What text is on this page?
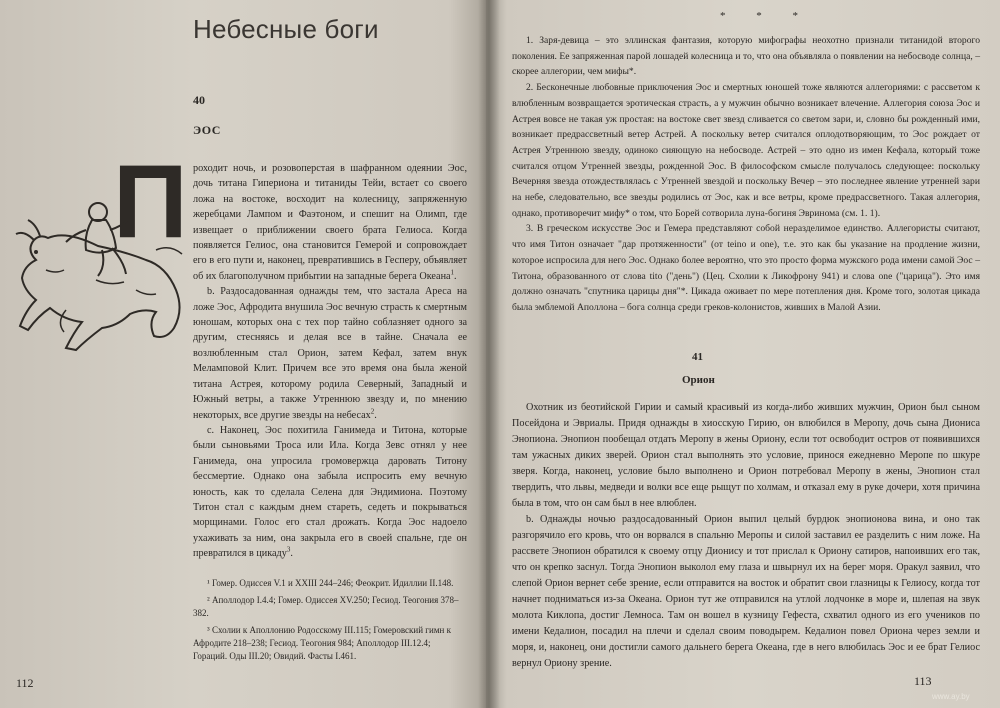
Небесные боги
40
ЭОС
П роходит ночь, и розовоперстая в шафранном одеянии Эос, дочь титана Гипериона и титаниды Тейи, встает со своего ложа на востоке, восходит на колесницу, запряженную жеребцами Лампом и Фаэтоном, и спешит на Олимп, где извещает о приближении своего брата Гелиоса. Когда появляется Гелиос, она становится Гемерой и сопровождает его в его пути и, наконец, превратившись в Гесперу, объявляет об их благополучном прибытии на западные берега Океана$^1$.

b. Раздосадованная однажды тем, что застала Ареса на ложе Эос, Афродита внушила Эос вечную страсть к смертным юношам, которых она с тех пор тайно соблазняет одного за другим, стесняясь и делая все в тайне. Сначала ее возлюбленным стал Орион, затем Кефал, затем внук Меламповой Клит. Причем все это время она была женой титана Астрея, которому родила Северный, Западный и Южный ветры, а также Утреннюю звезду и, по мнению некоторых, все другие звезды на небесах$^2$.

c. Наконец, Эос похитила Ганимеда и Титона, которые были сыновьями Троса или Ила. Когда Зевс отнял у нее Ганимеда, она упросила громовержца даровать Титону бессмертие. Однако она забыла испросить ему вечную юность, как то сделала Селена для Эндимиона. Поэтому Титон стал с каждым днем стареть, седеть и покрываться морщинами. Голос его стал дрожать. Когда Эос надоело ухаживать за ним, она закрыла его в своей спальне, где он превратился в цикаду$^3$.

¹ Гомер. Одиссея V.1 и XXIII 244–246; Феокрит. Идиллии II.148.

² Аполлодор I.4.4; Гомер. Одиссея XV.250; Гесиод. Теогония 378–382.

³ Схолии к Аполлонию Родосскому III.115; Гомеровский гимн к Афродите 218–238; Гесиод. Теогония 984; Аполлодор III.12.4; Гораций. Оды III.20; Овидий. Фасты I.461.

112
* * *

1. Заря-девица – это эллинская фантазия, которую мифографы неохотно признали титанидой второго поколения. Ее запряженная парой лошадей колесница и то, что она объявляла о появлении на небосводе солнца, – скорее аллегории, чем мифы*.

2. Бесконечные любовные приключения Эос и смертных юношей тоже являются аллегориями: с рассветом к влюбленным возвращается эротическая страсть, а у мужчин обычно возникает влечение. Аллегория союза Эос и Астрея вовсе не такая уж простая: на востоке свет звезд сливается со светом зари, и, словно бы рожденный ими, возникает предрассветный ветер Астрей. А поскольку ветер считался оплодотворяющим, то Эос рождает от Астрея Утреннюю звезду, одиноко сияющую на небосводе. Астрей – это одно из имен Кефала, который тоже считался отцом Утренней звезды, рожденной Эос. В философском смысле получалось следующее: поскольку Вечерняя звезда отождествлялась с Утренней звездой и поскольку Вечер – это последнее явление утренней зари на небе, следовательно, все звезды родились от Эос, как и все ветры, кроме предрассветного. Такая аллегория, однако, противоречит мифу* о том, что Борей сотворила луна-богиня Эвринома (см. 1. 1).

3. В греческом искусстве Эос и Гемера представляют собой неразделимое единство. Аллегористы считают, что имя Титон означает "дар протяженности" (от teino и one), т.е. это как бы указание на продление жизни, которое испросила для него Эос. Однако более вероятно, что это просто форма мужского рода имени самой Эос – Титона, образованного от слова tito ("день") (Цец. Схолии к Ликофрону 941) и слова one ("царица"). Это имя должно означать "спутника царицы дня"*. Цикада оживает по мере потепления дня. Кроме того, золотая цикада была эмблемой Аполлона – бога солнца среди греков-колонистов, живших в Малой Азии.

41
Орион

Охотник из беотийской Гирии и самый красивый из когда-либо живших мужчин, Орион был сыном Посейдона и Эвриалы. Придя однажды в хиосскую Гирию, он влюбился в Меропу, дочь сына Диониса Энопиона. Энопион пообещал отдать Меропу в жены Ориону, если тот освободит остров от появившихся там ужасных диких зверей. Орион стал выполнять это условие, принося ежедневно Меропе по шкуре зверя. Когда, наконец, условие было выполнено и Орион потребовал Меропу в жены, Энопион стал твердить, что львы, медведи и волки все еще рыщут по холмам, и отказал ему в руке дочери, хотя причина была в том, что он сам был в нее влюблен.

b. Однажды ночью раздосадованный Орион выпил целый бурдюк энопионова вина, и оно так разгорячило его кровь, что он ворвался в спальню Меропы и силой заставил ее разделить с ним ложе. На рассвете Энопион обратился к своему отцу Дионису и тот прислал к Ориону сатиров, напоивших его так, что он крепко заснул. Тогда Энопион выколол ему глаза и швырнул их на берег моря. Оракул заявил, что слепой Орион вернет себе зрение, если отправится на восток и обратит свои глазницы к Гелиосу, когда тот начнет подниматься из-за Океана. Орион тут же отправился на утлой лодчонке в море и, шлепая на звук молота Киклопа, достиг Лемноса. Там он вошел в кузницу Гефеста, схватил одного из его учеников по имени Кедалион, посадил на плечи и сделал своим поводырем. Кедалион повел Ориона через земли и моря, и, наконец, они достигли самого дальнего берега Океана, где в него влюбилась Эос и ее брат Гелиос вернул Ориону зрение.

113
www.ay.by
